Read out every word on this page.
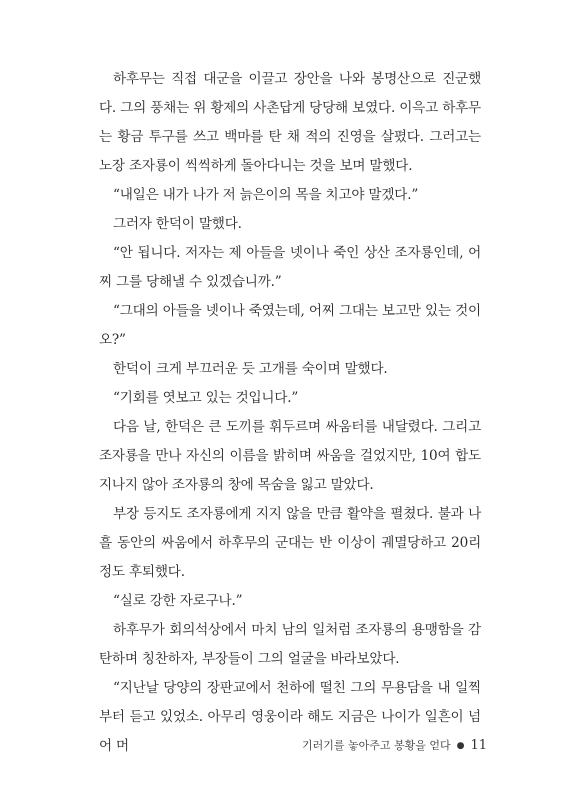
하후무는 직접 대군을 이끌고 장안을 나와 봉명산으로 진군했다. 그의 풍채는 위 황제의 사촌답게 당당해 보였다. 이윽고 하후무는 황금 투구를 쓰고 백마를 탄 채 적의 진영을 살폈다. 그러고는 노장 조자룡이 씩씩하게 돌아다니는 것을 보며 말했다.

“내일은 내가 나가 저 늙은이의 목을 치고야 말겠다.”

그러자 한덕이 말했다.

“안 됩니다. 저자는 제 아들을 넷이나 죽인 상산 조자룡인데, 어찌 그를 당해낼 수 있겠습니까.”

“그대의 아들을 넷이나 죽였는데, 어찌 그대는 보고만 있는 것이오?”

한덕이 크게 부끄러운 듯 고개를 숙이며 말했다.

“기회를 엿보고 있는 것입니다.”

다음 날, 한덕은 큰 도끼를 휘두르며 싸움터를 내달렸다. 그리고 조자룡을 만나 자신의 이름을 밝히며 싸움을 걸었지만, 10여 합도 지나지 않아 조자룡의 창에 목숨을 잃고 말았다.

부장 등지도 조자룡에게 지지 않을 만큼 활약을 펼쳤다. 불과 나흘 동안의 싸움에서 하후무의 군대는 반 이상이 궤멸당하고 20리 정도 후퇴했다.

“실로 강한 자로구나.”

하후무가 회의석상에서 마치 남의 일처럼 조자룡의 용맹함을 감탄하며 칭찬하자, 부장들이 그의 얼굴을 바라보았다.

“지난날 당양의 장판교에서 천하에 떨친 그의 무용담을 내 일찍부터 듣고 있었소. 아무리 영웅이라 해도 지금은 나이가 일흔이 넘어 머	기러기를 놓아주고 봉황을 얻다 ● 11
